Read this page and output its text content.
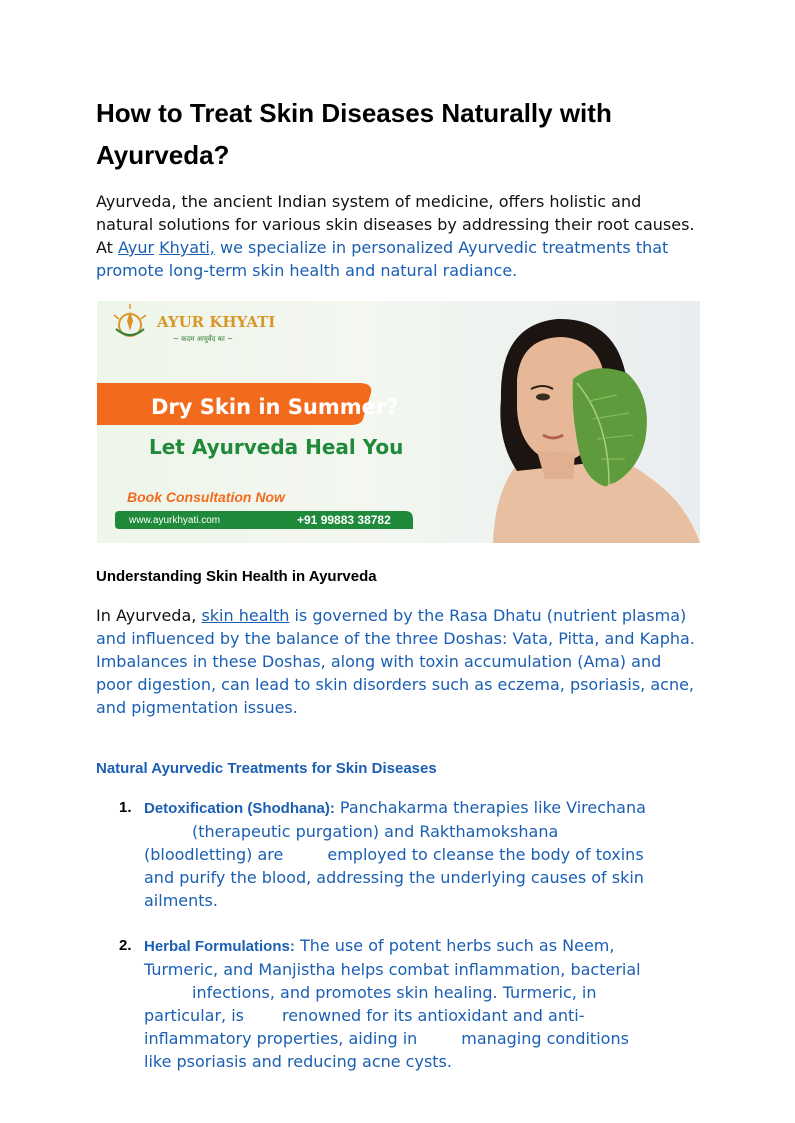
How to Treat Skin Diseases Naturally with Ayurveda?

Ayurveda, the ancient Indian system of medicine, offers holistic and natural solutions for various skin diseases by addressing their root causes. At Ayur Khyati, we specialize in personalized Ayurvedic treatments that promote long-term skin health and natural radiance.

AYUR KHYATI
~ कदम आयुर्वेद का ~
Dry Skin in Summer?
Let Ayurveda Heal You
Book Consultation Now
www.ayurkhyati.com	+91 99883 38782
Understanding Skin Health in Ayurveda

In Ayurveda, skin health is governed by the Rasa Dhatu (nutrient plasma) and influenced by the balance of the three Doshas: Vata, Pitta, and Kapha.
Imbalances in these Doshas, along with toxin accumulation (Ama) and poor digestion, can lead to skin disorders such as eczema, psoriasis, acne, and pigmentation issues.

Natural Ayurvedic Treatments for Skin Diseases
1. Detoxification (Shodhana): Panchakarma therapies like Virechana
(therapeutic purgation) and Rakthamokshana
(bloodletting) are	employed to cleanse the body of toxins
and purify the blood, addressing the underlying causes of skin
ailments.
2. Herbal Formulations: The use of potent herbs such as Neem,
Turmeric, and Manjistha helps combat inflammation, bacterial
infections, and promotes skin healing. Turmeric, in
particular, is renowned for its antioxidant and anti-
inflammatory properties, aiding in	managing conditions
like psoriasis and reducing acne cysts.
